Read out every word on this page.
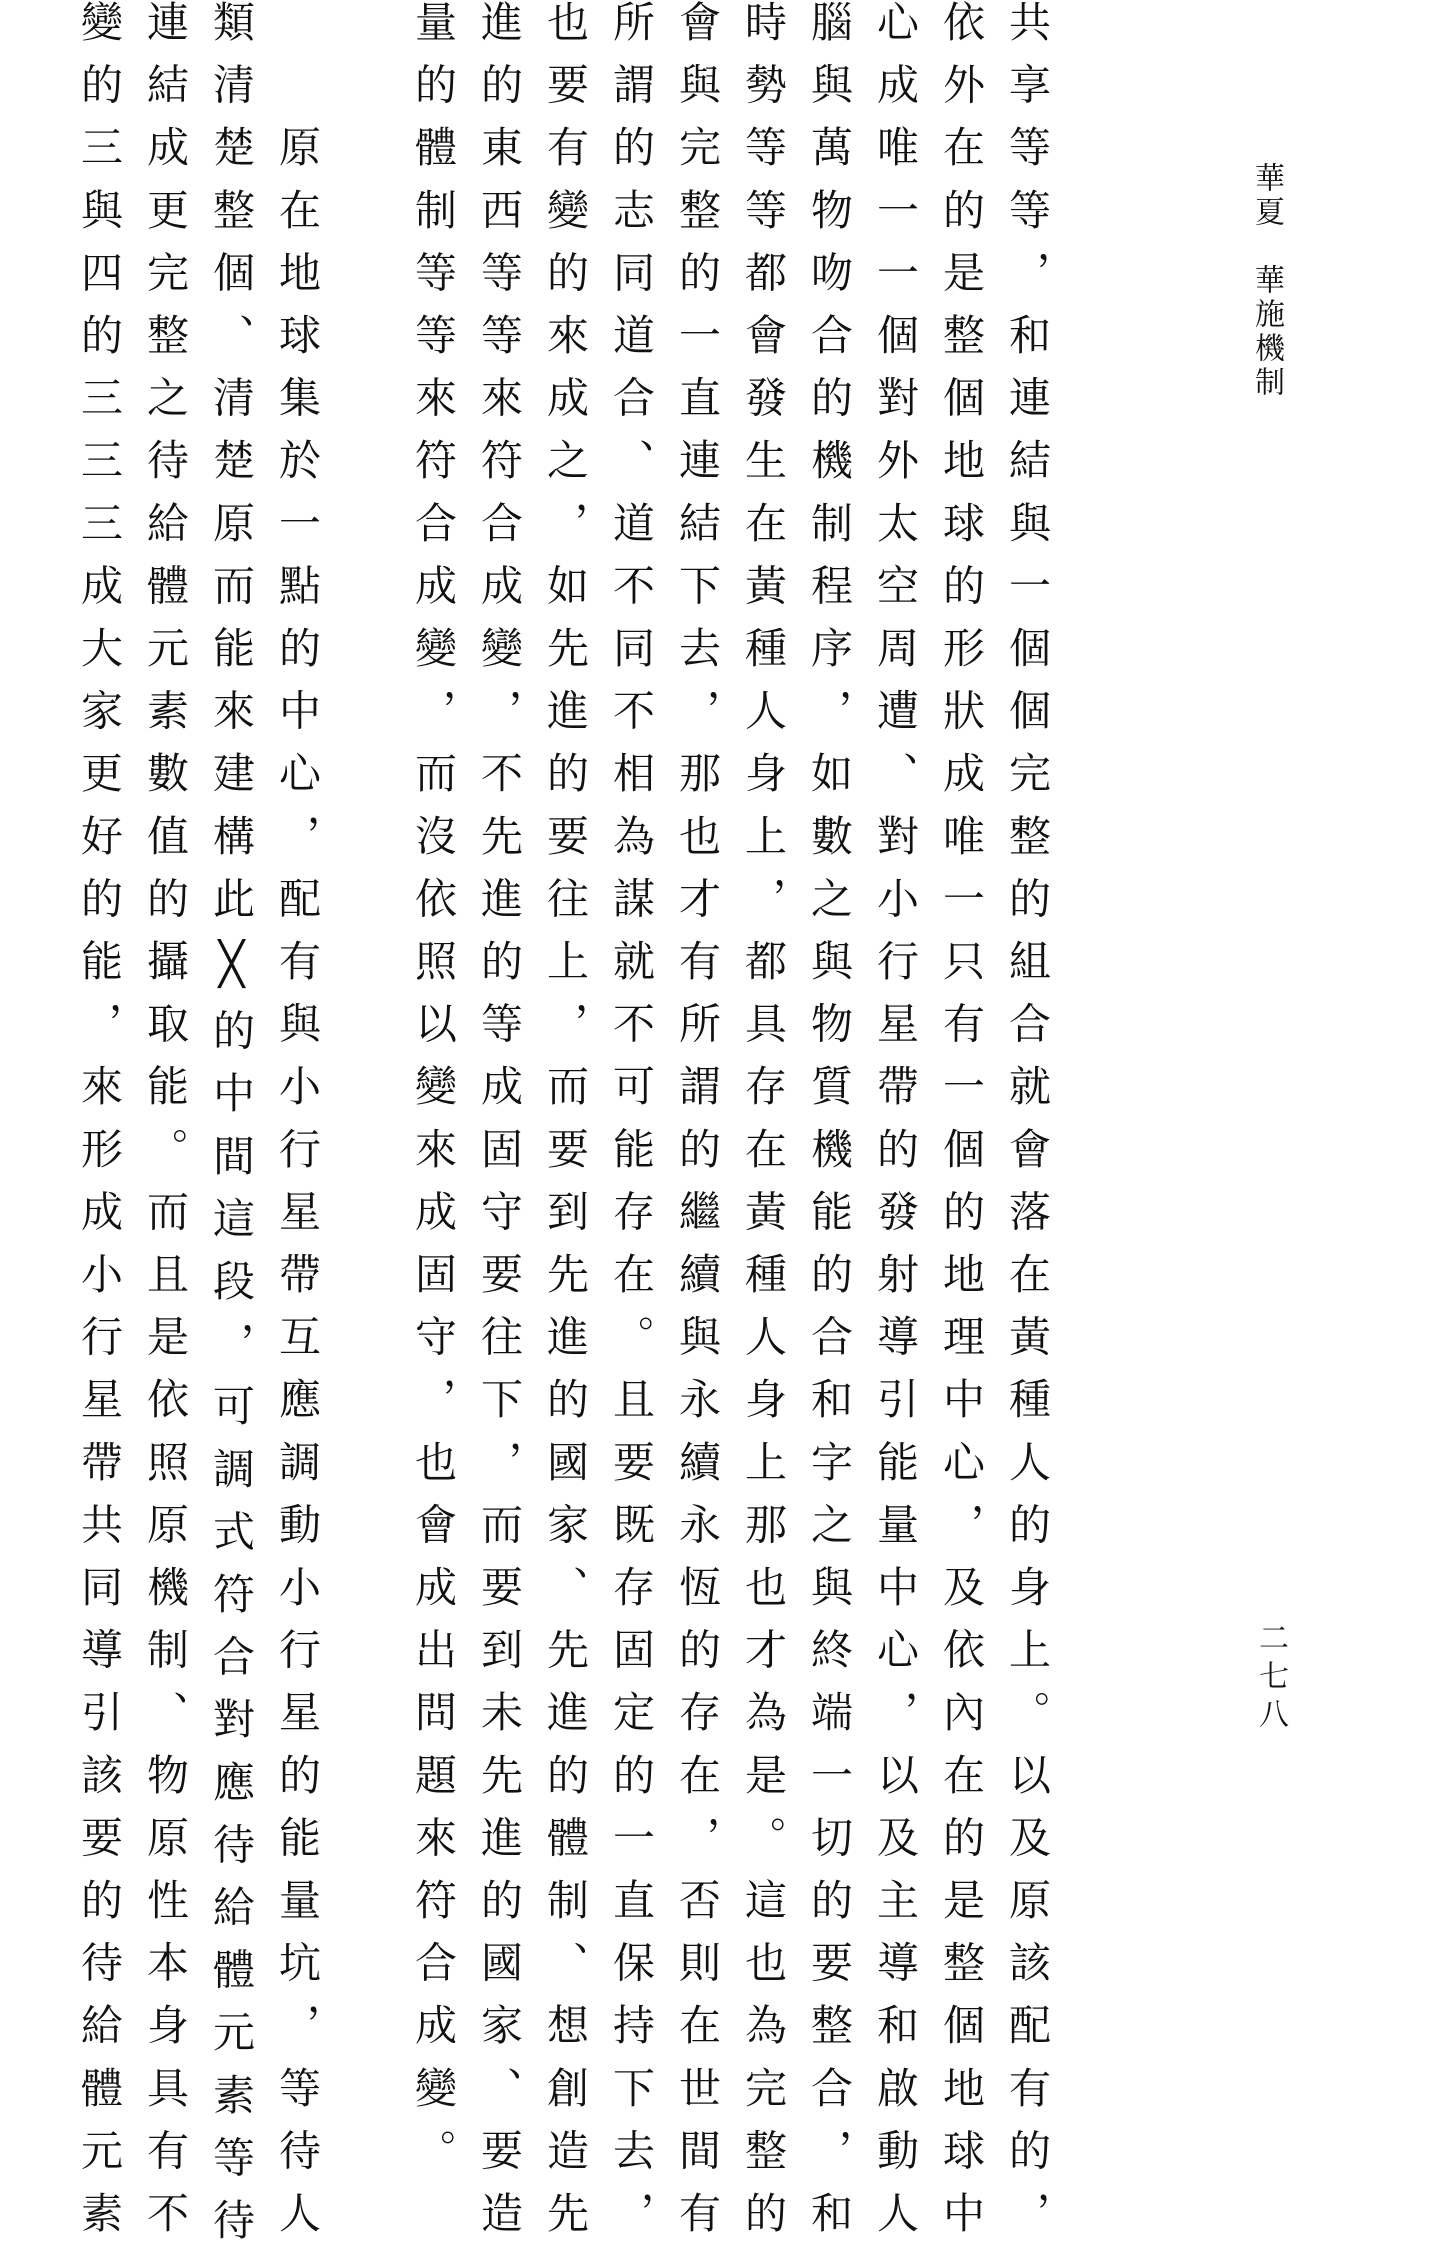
華夏　華施機制
二七八
共享等等，和連結與一個個完整的組合就會落在黃種人的身上。以及原該配有的，
依外在的是整個地球的形狀成唯一只有一個的地理中心，及依內在的是整個地球中
心成唯一一個對外太空周遭、對小行星帶的發射導引能量中心，以及主導和啟動人
腦與萬物吻合的機制程序，如數之與物質機能的合和字之與終端一切的要整合，和
時勢等等都會發生在黃種人身上，都具存在黃種人身上那也才為是。這也為完整的
會與完整的一直連結下去，那也才有所謂的繼續與永續永恆的存在，否則在世間有
所謂的志同道合、道不同不相為謀就不可能存在。且要既存固定的一直保持下去，
也要有變的來成之，如先進的要往上，而要到先進的國家、先進的體制、想創造先
進的東西等等來符合成變，不先進的等成固守要往下，而要到未先進的國家、要造
量的體制等等來符合成變，而沒依照以變來成固守，也會成出問題來符合成變。
　　原在地球集於一點的中心，配有與小行星帶互應調動小行星的能量坑，等待人
類清楚整個、清楚原而能來建構此╳的中間這段，可調式符合對應待給體元素等待
連結成更完整之待給體元素數值的攝取能。而且是依照原機制、物原性本身具有不
變的三與四的三三三成大家更好的能，來形成小行星帶共同導引該要的待給體元素
